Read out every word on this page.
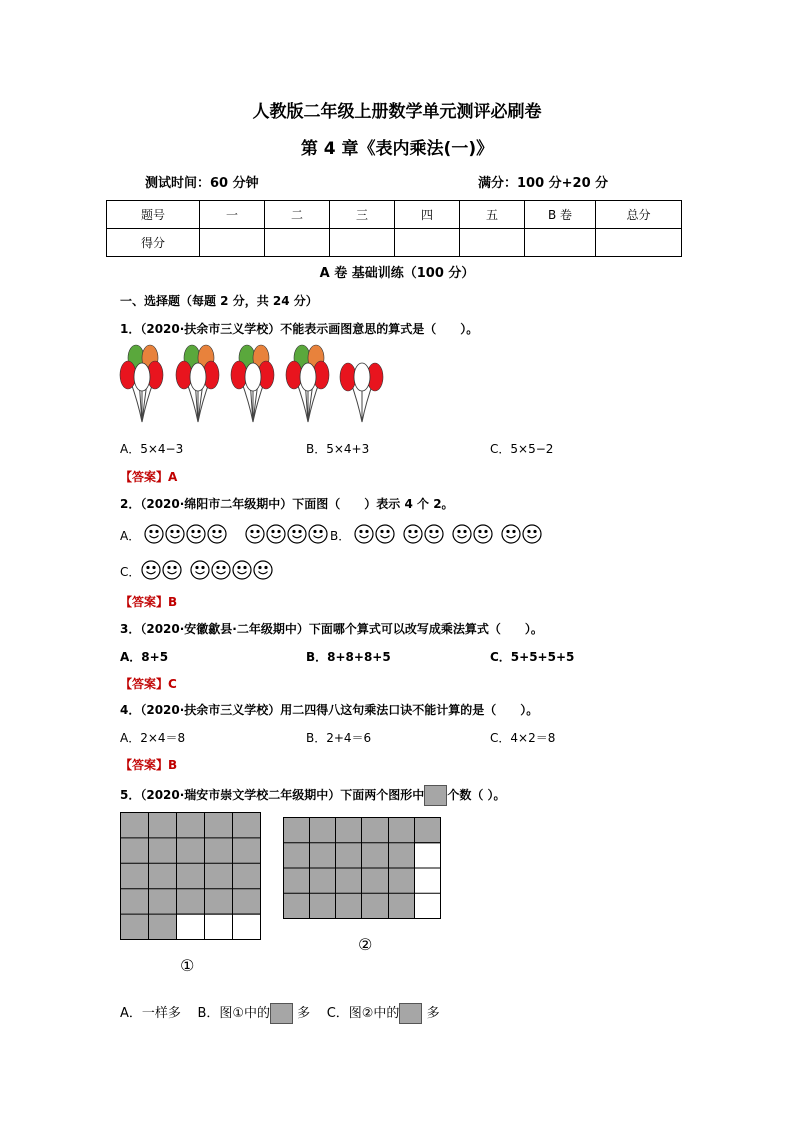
人教版二年级上册数学单元测评必刷卷
第 4 章《表内乘法(一)》
测试时间：60 分钟	满分：100 分+20 分
题号	一	二	三	四	五	B 卷	总分
得分							
A 卷 基础训练（100 分）
一、选择题（每题 2 分，共 24 分）
1．（2020·扶余市三义学校）不能表示画图意思的算式是（　　）。
A．5×4−3	B．5×4+3	C．5×5−2
【答案】A
2．（2020·绵阳市二年级期中）下面图（　　）表示 4 个 2。
A．	B．
C．
【答案】B
3．（2020·安徽歙县·二年级期中）下面哪个算式可以改写成乘法算式（　　）。
A．8+5	B．8+8+8+5	C．5+5+5+5
【答案】C
4．（2020·扶余市三义学校）用二四得八这句乘法口诀不能计算的是（　　）。
A．2×4＝8	B．2+4＝6	C．4×2＝8
【答案】B
5．（2020·瑞安市崇文学校二年级期中）下面两个图形中 个数（ ）。
①
②
A．一样多 B．图①中的 多 C．图②中的 多
